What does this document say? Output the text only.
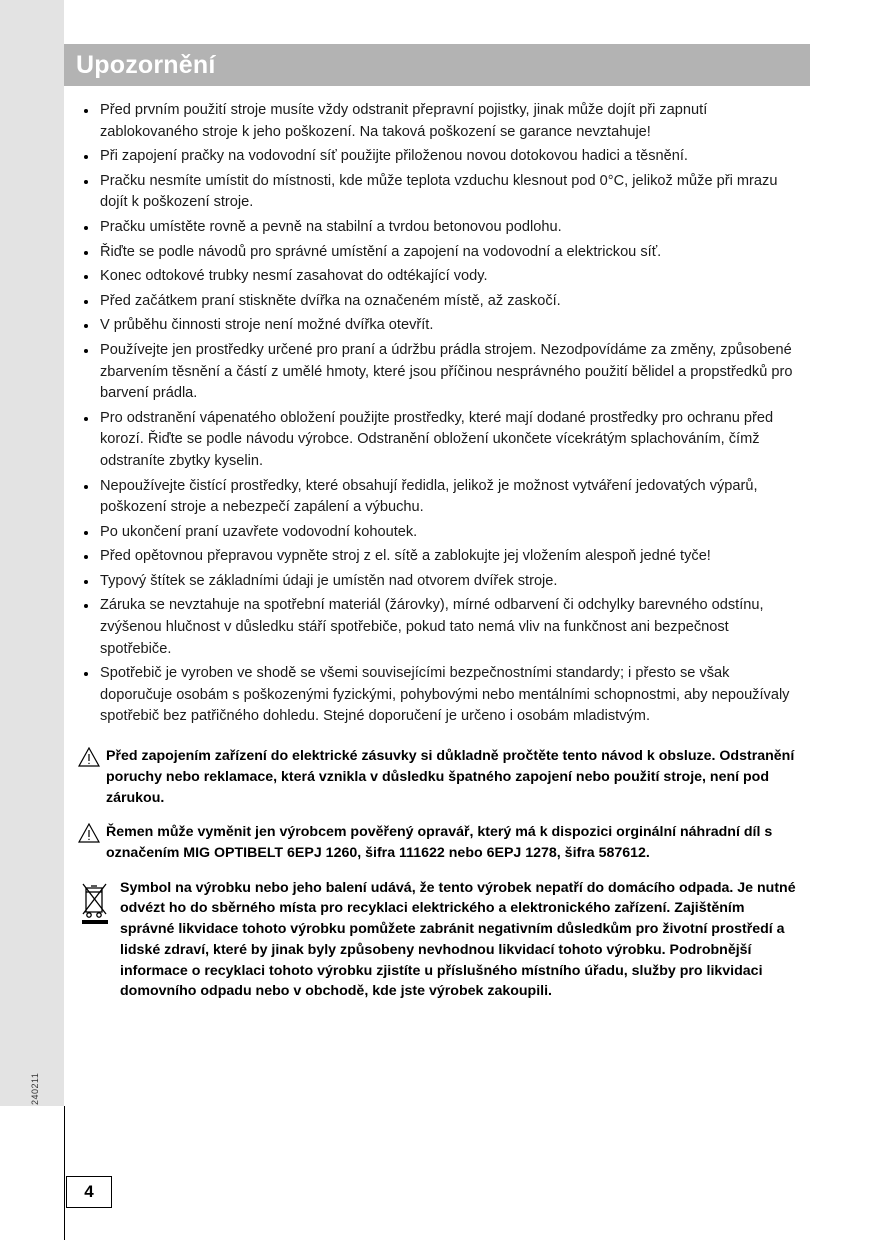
Upozornění
Před prvním použití stroje musíte vždy odstranit přepravní pojistky, jinak může dojít při zapnutí zablokovaného stroje k jeho poškození. Na taková poškození se garance nevztahuje!
Při zapojení pračky na vodovodní síť použijte přiloženou novou dotokovou hadici a těsnění.
Pračku nesmíte umístit do místnosti, kde může teplota vzduchu klesnout pod 0°C, jelikož může při mrazu dojít k poškození stroje.
Pračku umístěte rovně a pevně na stabilní a tvrdou betonovou podlohu.
Řiďte se podle návodů pro správné umístění a zapojení na vodovodní a elektrickou síť.
Konec odtokové trubky nesmí zasahovat do odtékající vody.
Před začátkem praní stiskněte dvířka na označeném místě, až zaskočí.
V průběhu činnosti stroje není možné dvířka otevřít.
Používejte jen prostředky určené pro praní a údržbu prádla strojem. Nezodpovídáme za změny, způsobené zbarvením těsnění a částí z umělé hmoty, které jsou příčinou nesprávného použití bělidel a propstředků pro barvení prádla.
Pro odstranění vápenatého obložení použijte prostředky, které mají dodané prostředky pro ochranu před korozí. Řiďte se podle návodu výrobce. Odstranění obložení ukončete vícekrátým splachováním, čímž odstraníte zbytky kyselin.
Nepoužívejte čistící prostředky, které obsahují ředidla, jelikož je možnost vytváření jedovatých výparů, poškození stroje a nebezpečí zapálení a výbuchu.
Po ukončení praní uzavřete vodovodní kohoutek.
Před opětovnou přepravou vypněte stroj z el. sítě a zablokujte jej vložením alespoň jedné tyče!
Typový štítek se základními údaji je umístěn nad otvorem dvířek stroje.
Záruka se nevztahuje na spotřební materiál (žárovky), mírné odbarvení či odchylky barevného odstínu, zvýšenou hlučnost v důsledku stáří spotřebiče, pokud tato nemá vliv na funkčnost ani bezpečnost spotřebiče.
Spotřebič je vyroben ve shodě se všemi souvisejícími bezpečnostními standardy; i přesto se však doporučuje osobám s poškozenými fyzickými, pohybovými nebo mentálními schopnostmi, aby nepoužívaly spotřebič bez patřičného dohledu. Stejné doporučení je určeno i osobám mladistvým.
Před zapojením zařízení do elektrické zásuvky si důkladně pročtěte tento návod k obsluze. Odstranění poruchy nebo reklamace, která vznikla v důsledku špatného zapojení nebo použití stroje, není pod zárukou.
Řemen může vyměnit jen výrobcem pověřený opravář, který má k dispozici orginální náhradní díl s označením MIG OPTIBELT 6EPJ 1260, šifra 111622 nebo 6EPJ 1278, šifra 587612.
Symbol na výrobku nebo jeho balení udává, že tento výrobek nepatří do domácího odpada. Je nutné odvézt ho do sběrného místa pro recyklaci elektrického a elektronického zařízení. Zajištěním správné likvidace tohoto výrobku pomůžete zabránit negativním důsledkům pro životní prostředí a lidské zdraví, které by jinak byly způsobeny nevhodnou likvidací tohoto výrobku. Podrobnější informace o recyklaci tohoto výrobku zjistíte u příslušného místního úřadu, služby pro likvidaci domovního odpadu nebo v obchodě, kde jste výrobek zakoupili.
240211
4
